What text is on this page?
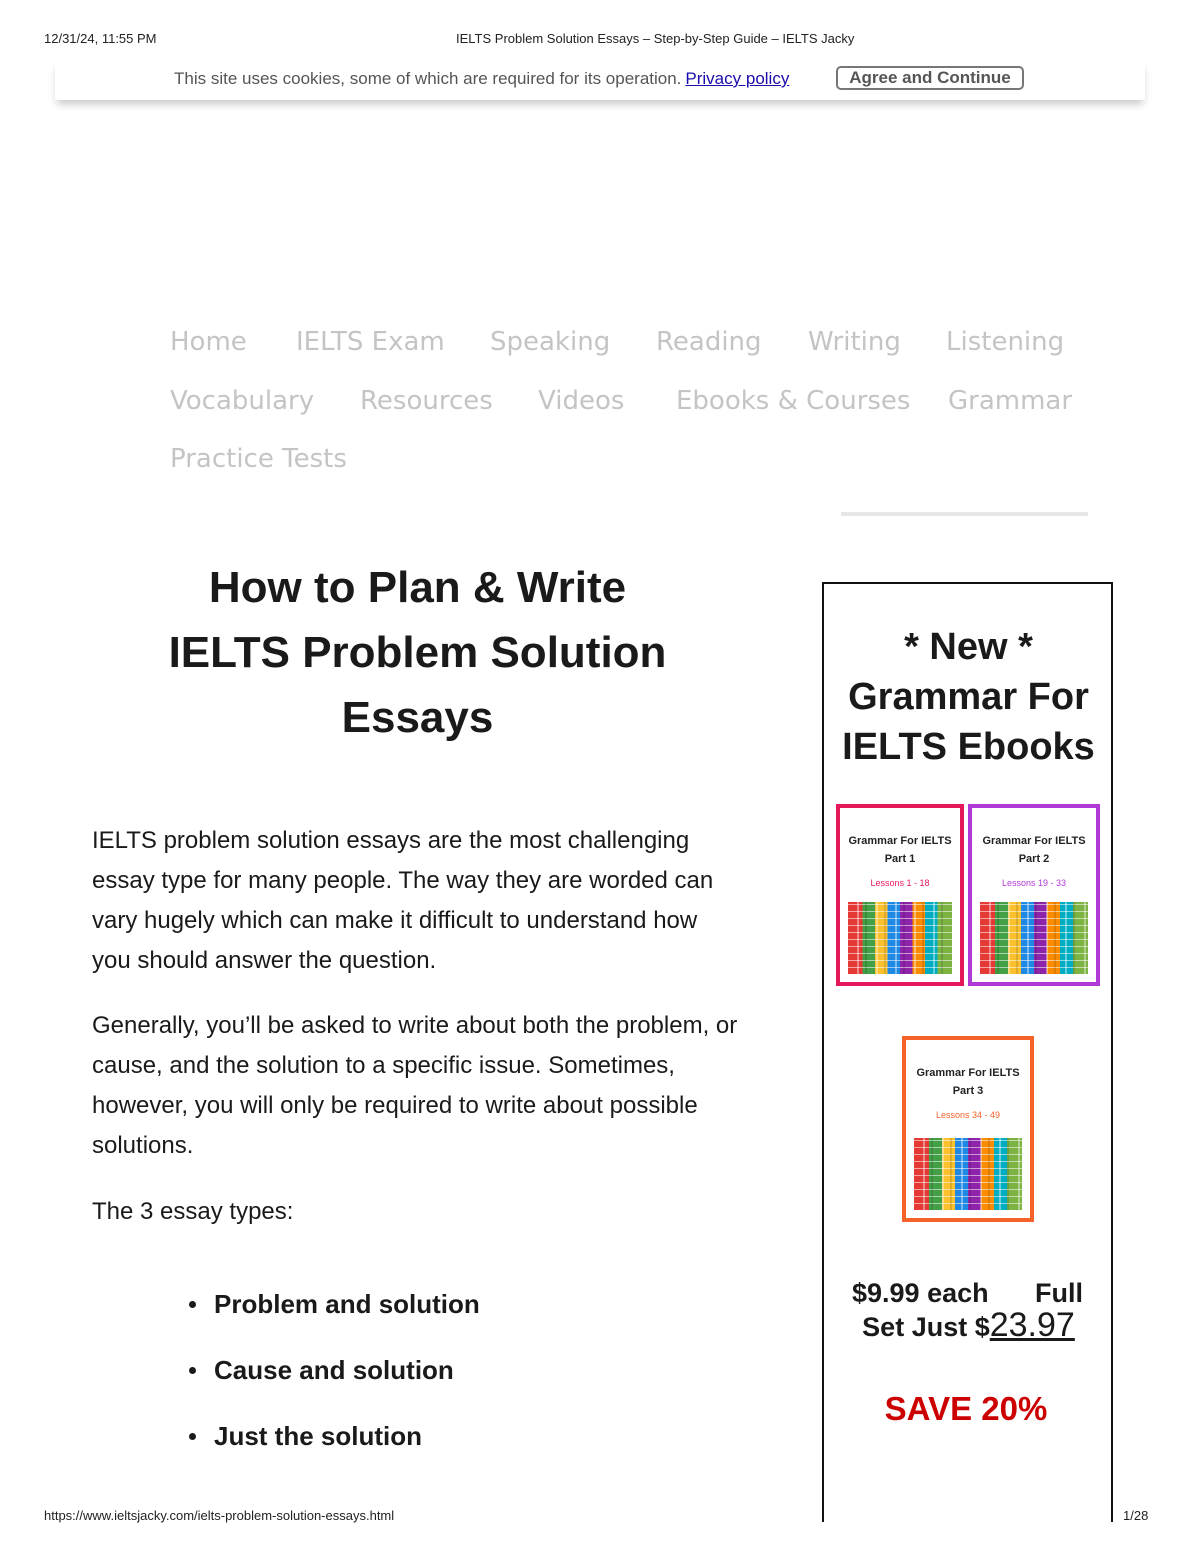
12/31/24, 11:55 PM	IELTS Problem Solution Essays – Step-by-Step Guide – IELTS Jacky
This site uses cookies, some of which are required for its operation. Privacy policy	Agree and Continue
Home IELTS Exam Speaking Reading Writing Listening
Vocabulary Resources Videos Ebooks & Courses Grammar
Practice Tests
How to Plan & Write
IELTS Problem Solution
Essays

IELTS problem solution essays are the most challenging essay type for many people. The way they are worded can vary hugely which can make it difficult to understand how you should answer the question.

Generally, you’ll be asked to write about both the problem, or cause, and the solution to a specific issue. Sometimes, however, you will only be required to write about possible solutions.

The 3 essay types:

Problem and solution
Cause and solution
Just the solution
* New *
Grammar For
IELTS Ebooks
Grammar For IELTS
Part 1
Lessons 1 - 18
Grammar For IELTS
Part 2
Lessons 19 - 33
Grammar For IELTS
Part 3
Lessons 34 - 49
$9.99 each Full
Set Just $23.97
SAVE 20%
https://www.ieltsjacky.com/ielts-problem-solution-essays.html	1/28
